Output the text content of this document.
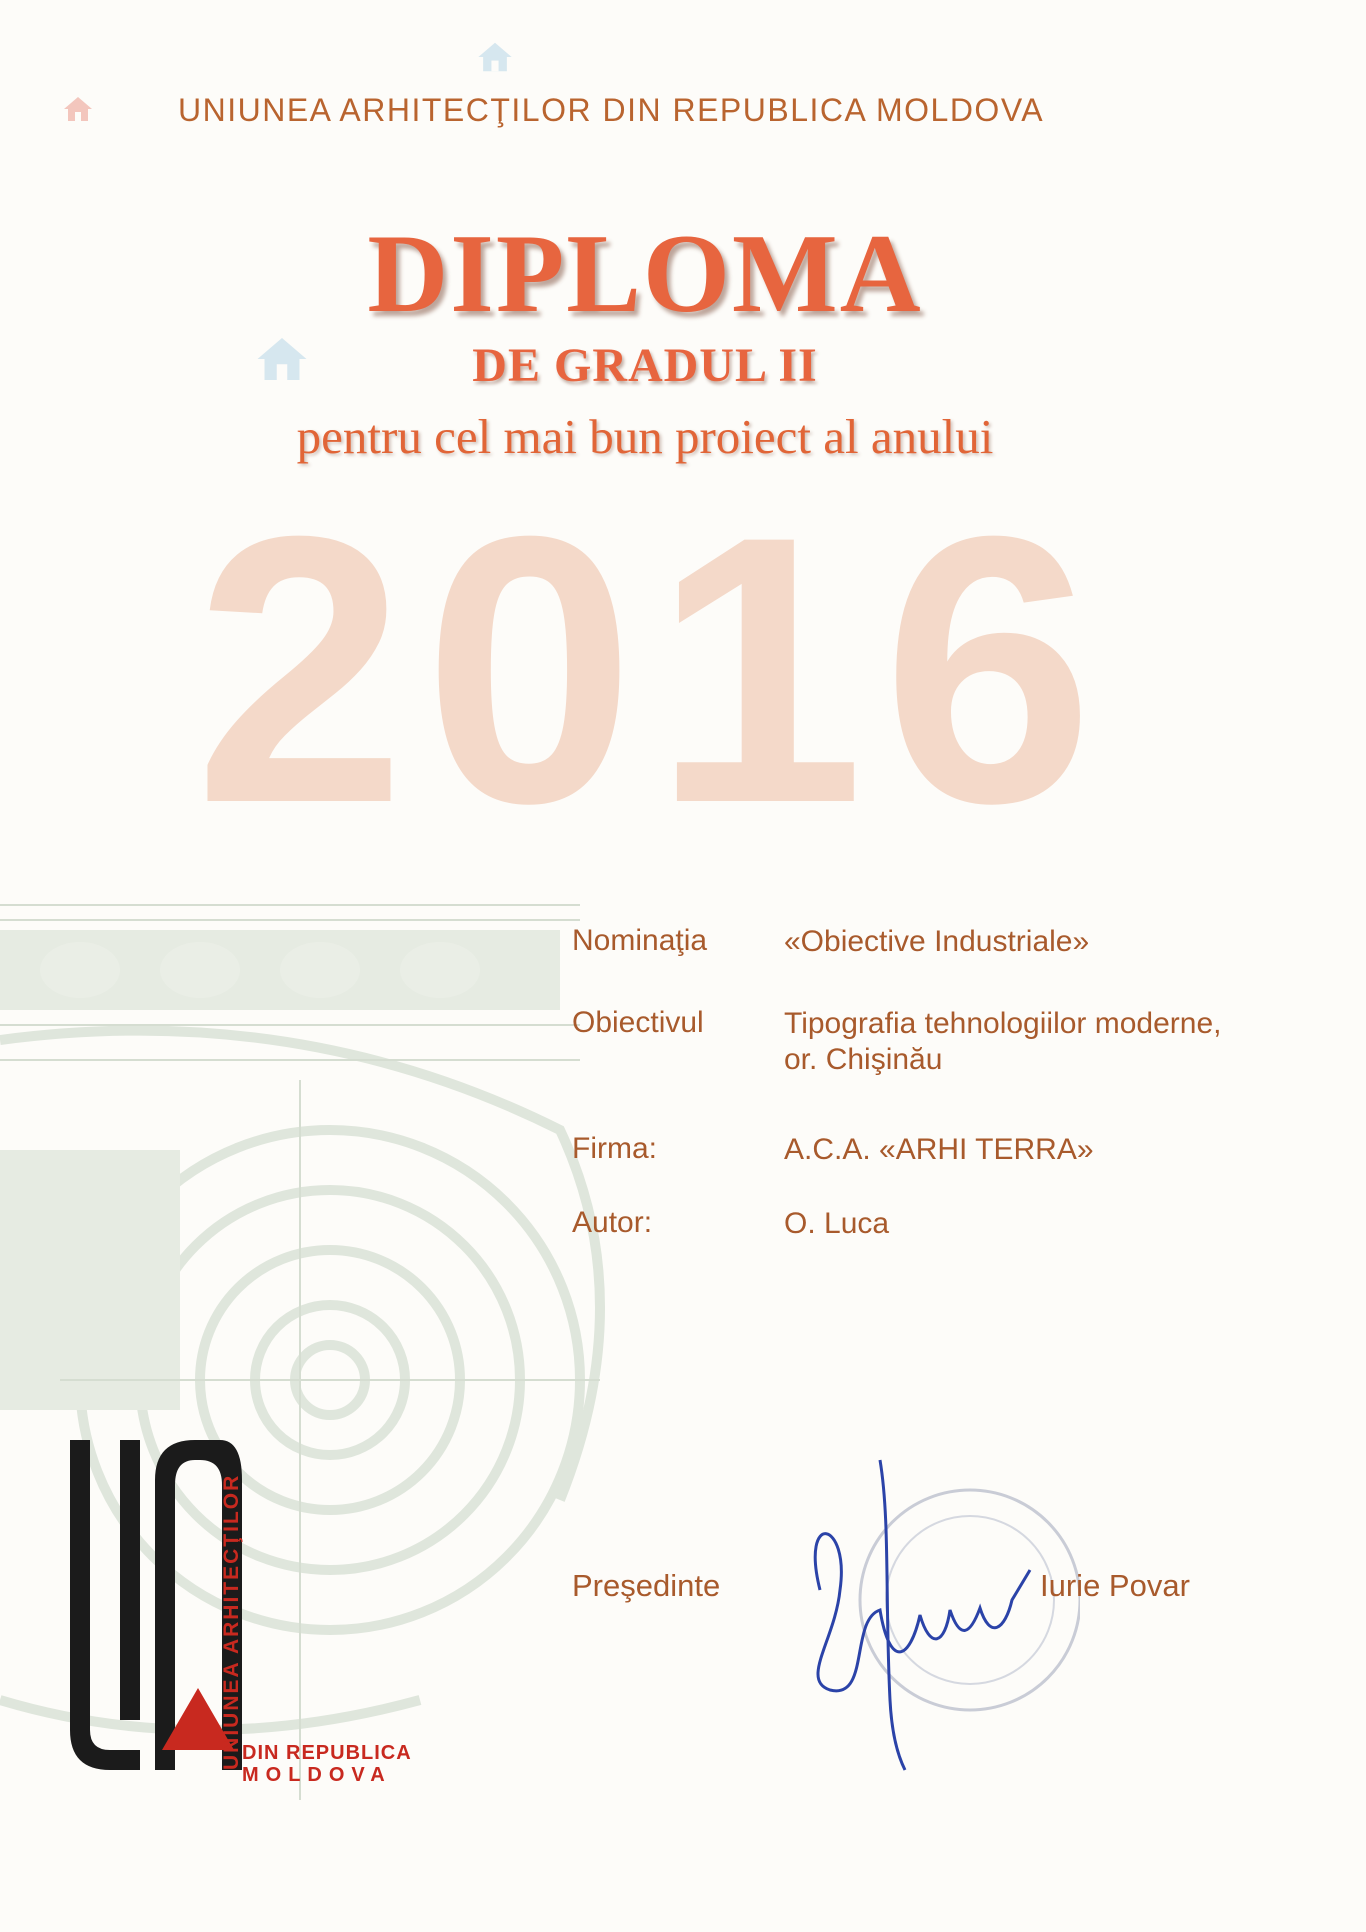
UNIUNEA ARHITECŢILOR DIN REPUBLICA MOLDOVA
2016
DIPLOMA
DE GRADUL II
pentru cel mai bun proiect al anului
Nominaţia	«Obiective Industriale»
Obiectivul	Tipografia tehnologiilor moderne, or. Chişinău
Firma:	A.C.A. «ARHI TERRA»
Autor:	O. Luca
Preşedinte	Iurie Povar
UNIUNEA ARHITECŢILOR DIN REPUBLICA
MOLDOVA
